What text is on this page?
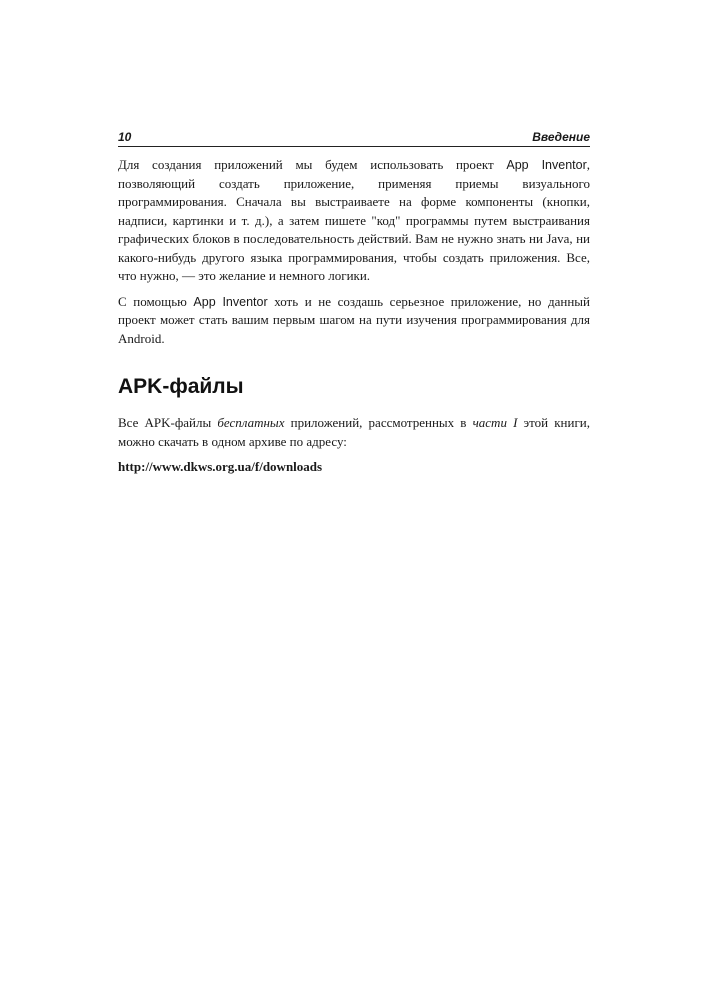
10	Введение

Для создания приложений мы будем использовать проект App Inventor, позволяющий создать приложение, применяя приемы визуального программирования. Сначала вы выстраиваете на форме компоненты (кнопки, надписи, картинки и т. д.), а затем пишете "код" программы путем выстраивания графических блоков в последовательность действий. Вам не нужно знать ни Java, ни какого-нибудь другого языка программирования, чтобы создать приложения. Все, что нужно, — это желание и немного логики.

С помощью App Inventor хоть и не создашь серьезное приложение, но данный проект может стать вашим первым шагом на пути изучения программирования для Android.

APK-файлы

Все APK-файлы бесплатных приложений, рассмотренных в части I этой книги, можно скачать в одном архиве по адресу:

http://www.dkws.org.ua/f/downloads
